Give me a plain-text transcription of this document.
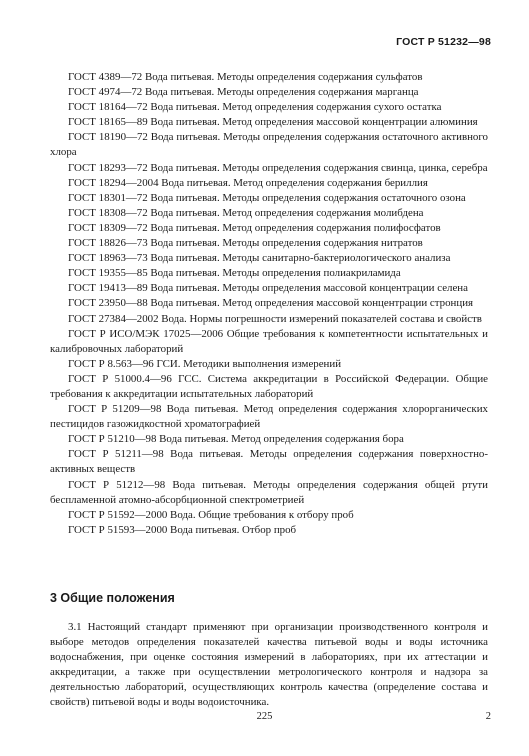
ГОСТ Р 51232—98

ГОСТ 4389—72 Вода питьевая. Методы определения содержания сульфатов

ГОСТ 4974—72 Вода питьевая. Методы определения содержания марганца

ГОСТ 18164—72 Вода питьевая. Метод определения содержания сухого остатка

ГОСТ 18165—89 Вода питьевая. Метод определения массовой концентрации алюминия

ГОСТ 18190—72 Вода питьевая. Методы определения содержания остаточного активного хлора

ГОСТ 18293—72 Вода питьевая. Методы определения содержания свинца, цинка, серебра

ГОСТ 18294—2004 Вода питьевая. Метод определения содержания бериллия

ГОСТ 18301—72 Вода питьевая. Методы определения содержания остаточного озона

ГОСТ 18308—72 Вода питьевая. Метод определения содержания молибдена

ГОСТ 18309—72 Вода питьевая. Метод определения содержания полифосфатов

ГОСТ 18826—73 Вода питьевая. Методы определения содержания нитратов

ГОСТ 18963—73 Вода питьевая. Методы санитарно-бактериологического анализа

ГОСТ 19355—85 Вода питьевая. Методы определения полиакриламида

ГОСТ 19413—89 Вода питьевая. Методы определения массовой концентрации селена

ГОСТ 23950—88 Вода питьевая. Метод определения массовой концентрации стронция

ГОСТ 27384—2002 Вода. Нормы погрешности измерений показателей состава и свойств

ГОСТ Р ИСО/МЭК 17025—2006 Общие требования к компетентности испытательных и калибровочных лабораторий

ГОСТ Р 8.563—96 ГСИ. Методики выполнения измерений

ГОСТ Р 51000.4—96 ГСС. Система аккредитации в Российской Федерации. Общие требования к аккредитации испытательных лабораторий

ГОСТ Р 51209—98 Вода питьевая. Метод определения содержания хлорорганических пестицидов газожидкостной хроматографией

ГОСТ Р 51210—98 Вода питьевая. Метод определения содержания бора

ГОСТ Р 51211—98 Вода питьевая. Методы определения содержания поверхностно-активных веществ

ГОСТ Р 51212—98 Вода питьевая. Методы определения содержания общей ртути беспламенной атомно-абсорбционной спектрометрией

ГОСТ Р 51592—2000 Вода. Общие требования к отбору проб

ГОСТ Р 51593—2000 Вода питьевая. Отбор проб

3 Общие положения

3.1 Настоящий стандарт применяют при организации производственного контроля и выборе методов определения показателей качества питьевой воды и воды источника водоснабжения, при оценке состояния измерений в лабораториях, при их аттестации и аккредитации, а также при осуществлении метрологического контроля и надзора за деятельностью лабораторий, осуществляющих контроль качества (определение состава и свойств) питьевой воды и воды водоисточника.

225	2
